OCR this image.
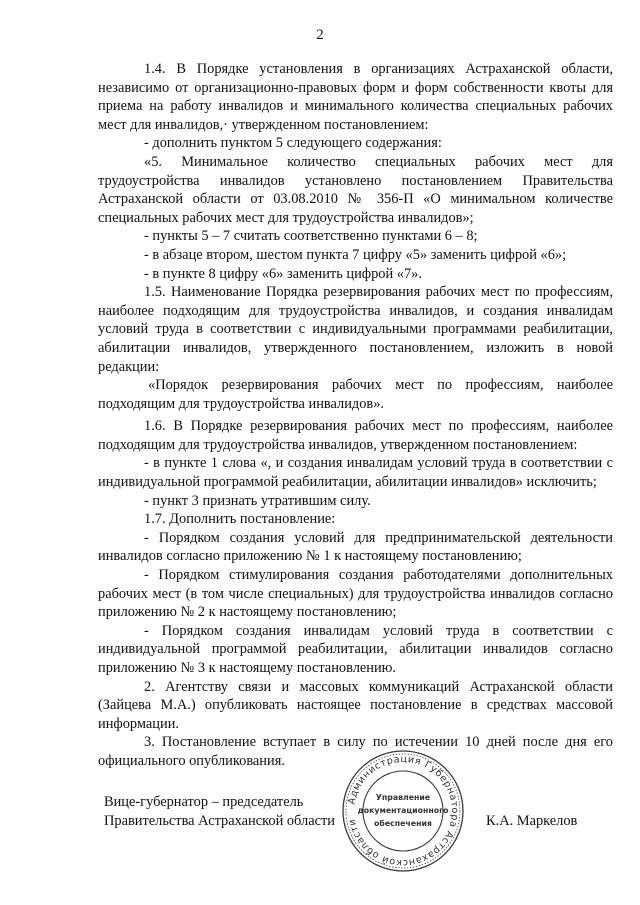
2

1.4. В Порядке установления в организациях Астраханской области, независимо от организационно-правовых форм и форм собственности квоты для приема на работу инвалидов и минимального количества специальных рабочих мест для инвалидов,· утвержденном постановлением:

- дополнить пунктом 5 следующего содержания:

«5. Минимальное количество специальных рабочих мест для трудоустройства инвалидов установлено постановлением Правительства Астраханской области от 03.08.2010 № 356-П «О минимальном количестве специальных рабочих мест для трудоустройства инвалидов»;

- пункты 5 – 7 считать соответственно пунктами 6 – 8;

- в абзаце втором, шестом пункта 7 цифру «5» заменить цифрой «6»;

- в пункте 8 цифру «6» заменить цифрой «7».

1.5. Наименование Порядка резервирования рабочих мест по профессиям, наиболее подходящим для трудоустройства инвалидов, и создания инвалидам условий труда в соответствии с индивидуальными программами реабилитации, абилитации инвалидов, утвержденного постановлением, изложить в новой редакции:

«Порядок резервирования рабочих мест по профессиям, наиболее подходящим для трудоустройства инвалидов».

1.6. В Порядке резервирования рабочих мест по профессиям, наиболее подходящим для трудоустройства инвалидов, утвержденном постановлением:

- в пункте 1 слова «, и создания инвалидам условий труда в соответствии с индивидуальной программой реабилитации, абилитации инвалидов» исключить;

- пункт 3 признать утратившим силу.

1.7. Дополнить постановление:

- Порядком создания условий для предпринимательской деятельности инвалидов согласно приложению № 1 к настоящему постановлению;

- Порядком стимулирования создания работодателями дополнительных рабочих мест (в том числе специальных) для трудоустройства инвалидов согласно приложению № 2 к настоящему постановлению;

- Порядком создания инвалидам условий труда в соответствии с индивидуальной программой реабилитации, абилитации инвалидов согласно приложению № 3 к настоящему постановлению.

2. Агентству связи и массовых коммуникаций Астраханской области (Зайцева М.А.) опубликовать настоящее постановление в средствах массовой информации.

3. Постановление вступает в силу по истечении 10 дней после дня его официального опубликования.

Вице-губернатор – председатель
Правительства Астраханской области
Администрация Губернатора Астраханской области
Управление
документационного
обеспечения	К.А. Маркелов
